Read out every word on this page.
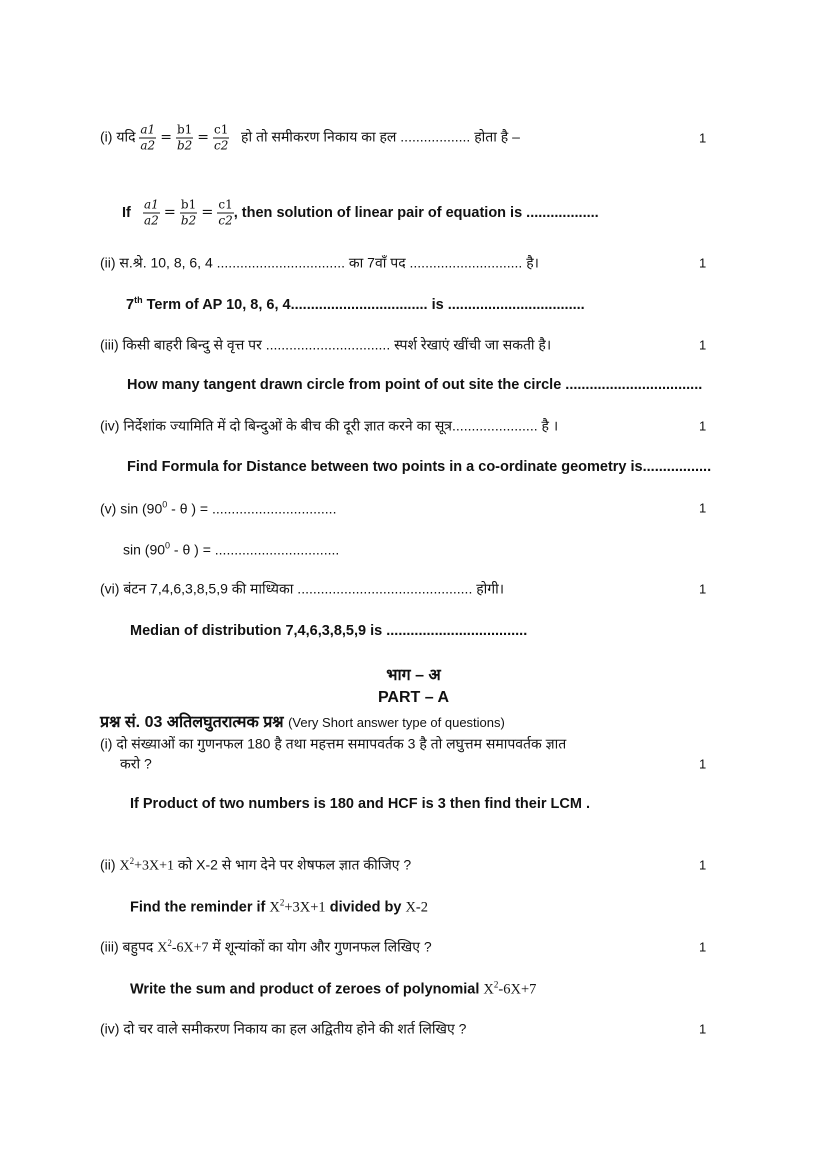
(i) यदि $\frac{a1}{a2} = \frac{b1}{b2} = \frac{c1}{c2}$ हो तो समीकरण निकाय का हल .................. होता है –	1
If $\frac{a1}{a2} = \frac{b1}{b2} = \frac{c1}{c2}$ , then solution of linear pair of equation is ..................
(ii) स.श्रे. 10, 8, 6, 4 ................................. का 7वाँ पद ............................. है।	1
7th Term of AP 10, 8, 6, 4.................................. is ..................................
(iii) किसी बाहरी बिन्दु से वृत्त पर ................................ स्पर्श रेखाएं खींची जा सकती है।	1
How many tangent drawn circle from point of out site the circle ..................................
(iv) निर्देशांक ज्यामिति में दो बिन्दुओं के बीच की दूरी ज्ञात करने का सूत्र...................... है ।	1
Find Formula for Distance between two points in a co-ordinate geometry is.................
(v) $\sin (90^0$ - θ ) = ................................	1
$\sin (90^0$ - θ ) = ................................
(vi) बंटन 7,4,6,3,8,5,9 की माध्यिका ............................................. होगी।	1
Median of distribution 7,4,6,3,8,5,9 is ...................................
भाग – अ
PART – A
प्रश्न सं. 03 अतिलघुतरात्मक प्रश्न (Very Short answer type of questions)
(i) दो संख्याओं का गुणनफल 180 है तथा महत्तम समापवर्तक 3 है तो लघुत्तम समापवर्तक ज्ञात
करो ?	1
If Product of two numbers is 180 and HCF is 3 then find their LCM .
(ii) $X^2+3X+1$ को X-2 से भाग देने पर शेषफल ज्ञात कीजिए ?	1
Find the reminder if $X^2+3X+1$ divided by X-2
(iii) बहुपद $X^2-6X+7$ में शून्यांकों का योग और गुणनफल लिखिए ?	1
Write the sum and product of zeroes of polynomial $X^2-6X+7$
(iv) दो चर वाले समीकरण निकाय का हल अद्वितीय होने की शर्त लिखिए ?	1
